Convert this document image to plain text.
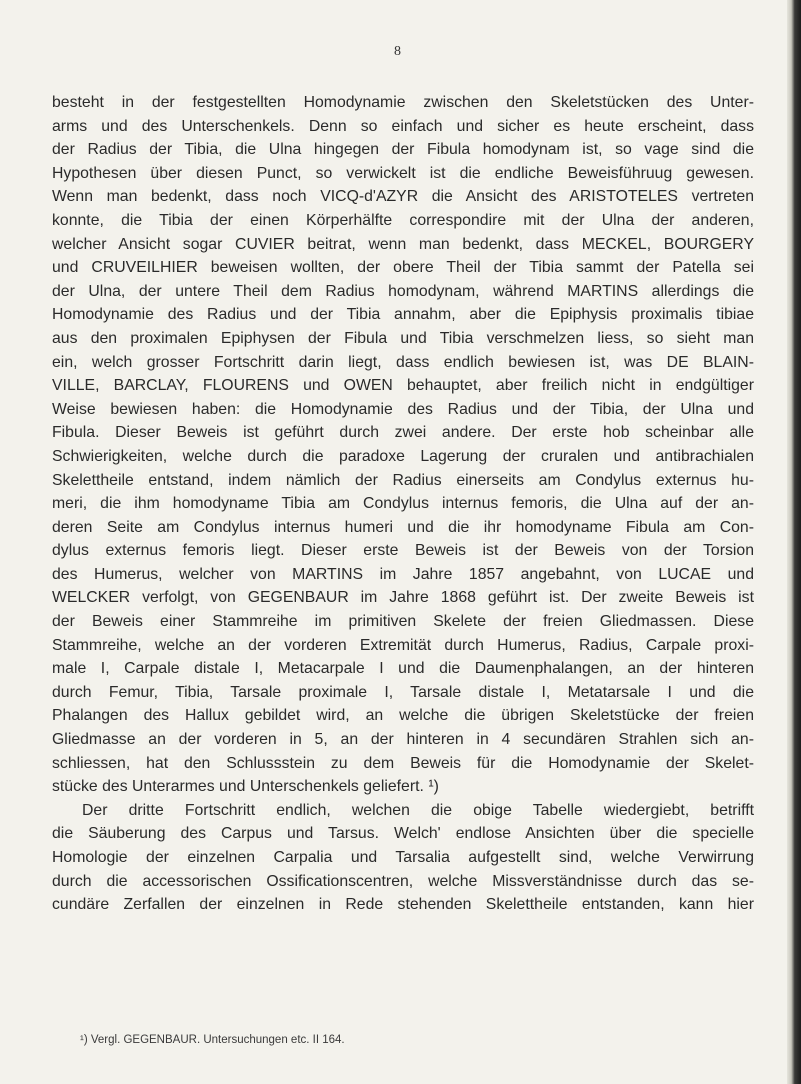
8
besteht in der festgestellten Homodynamie zwischen den Skeletstücken des Unter-
arms und des Unterschenkels. Denn so einfach und sicher es heute erscheint, dass
der Radius der Tibia, die Ulna hingegen der Fibula homodynam ist, so vage sind die
Hypothesen über diesen Punct, so verwickelt ist die endliche Beweisführuug gewesen.
Wenn man bedenkt, dass noch VICQ-d'AZYR die Ansicht des ARISTOTELES vertreten
konnte, die Tibia der einen Körperhälfte correspondire mit der Ulna der anderen,
welcher Ansicht sogar CUVIER beitrat, wenn man bedenkt, dass MECKEL, BOURGERY
und CRUVEILHIER beweisen wollten, der obere Theil der Tibia sammt der Patella sei
der Ulna, der untere Theil dem Radius homodynam, während MARTINS allerdings die
Homodynamie des Radius und der Tibia annahm, aber die Epiphysis proximalis tibiae
aus den proximalen Epiphysen der Fibula und Tibia verschmelzen liess, so sieht man
ein, welch grosser Fortschritt darin liegt, dass endlich bewiesen ist, was DE BLAIN-
VILLE, BARCLAY, FLOURENS und OWEN behauptet, aber freilich nicht in endgültiger
Weise bewiesen haben: die Homodynamie des Radius und der Tibia, der Ulna und
Fibula. Dieser Beweis ist geführt durch zwei andere. Der erste hob scheinbar alle
Schwierigkeiten, welche durch die paradoxe Lagerung der cruralen und antibrachialen
Skelettheile entstand, indem nämlich der Radius einerseits am Condylus externus hu-
meri, die ihm homodyname Tibia am Condylus internus femoris, die Ulna auf der an-
deren Seite am Condylus internus humeri und die ihr homodyname Fibula am Con-
dylus externus femoris liegt. Dieser erste Beweis ist der Beweis von der Torsion
des Humerus, welcher von MARTINS im Jahre 1857 angebahnt, von LUCAE und
WELCKER verfolgt, von GEGENBAUR im Jahre 1868 geführt ist. Der zweite Beweis ist
der Beweis einer Stammreihe im primitiven Skelete der freien Gliedmassen. Diese
Stammreihe, welche an der vorderen Extremität durch Humerus, Radius, Carpale proxi-
male I, Carpale distale I, Metacarpale I und die Daumenphalangen, an der hinteren
durch Femur, Tibia, Tarsale proximale I, Tarsale distale I, Metatarsale I und die
Phalangen des Hallux gebildet wird, an welche die übrigen Skeletstücke der freien
Gliedmasse an der vorderen in 5, an der hinteren in 4 secundären Strahlen sich an-
schliessen, hat den Schlussstein zu dem Beweis für die Homodynamie der Skelet-
stücke des Unterarmes und Unterschenkels geliefert. ¹)
Der dritte Fortschritt endlich, welchen die obige Tabelle wiedergiebt, betrifft
die Säuberung des Carpus und Tarsus. Welch' endlose Ansichten über die specielle
Homologie der einzelnen Carpalia und Tarsalia aufgestellt sind, welche Verwirrung
durch die accessorischen Ossificationscentren, welche Missverständnisse durch das se-
cundäre Zerfallen der einzelnen in Rede stehenden Skelettheile entstanden, kann hier
¹) Vergl. GEGENBAUR. Untersuchungen etc. II 164.
